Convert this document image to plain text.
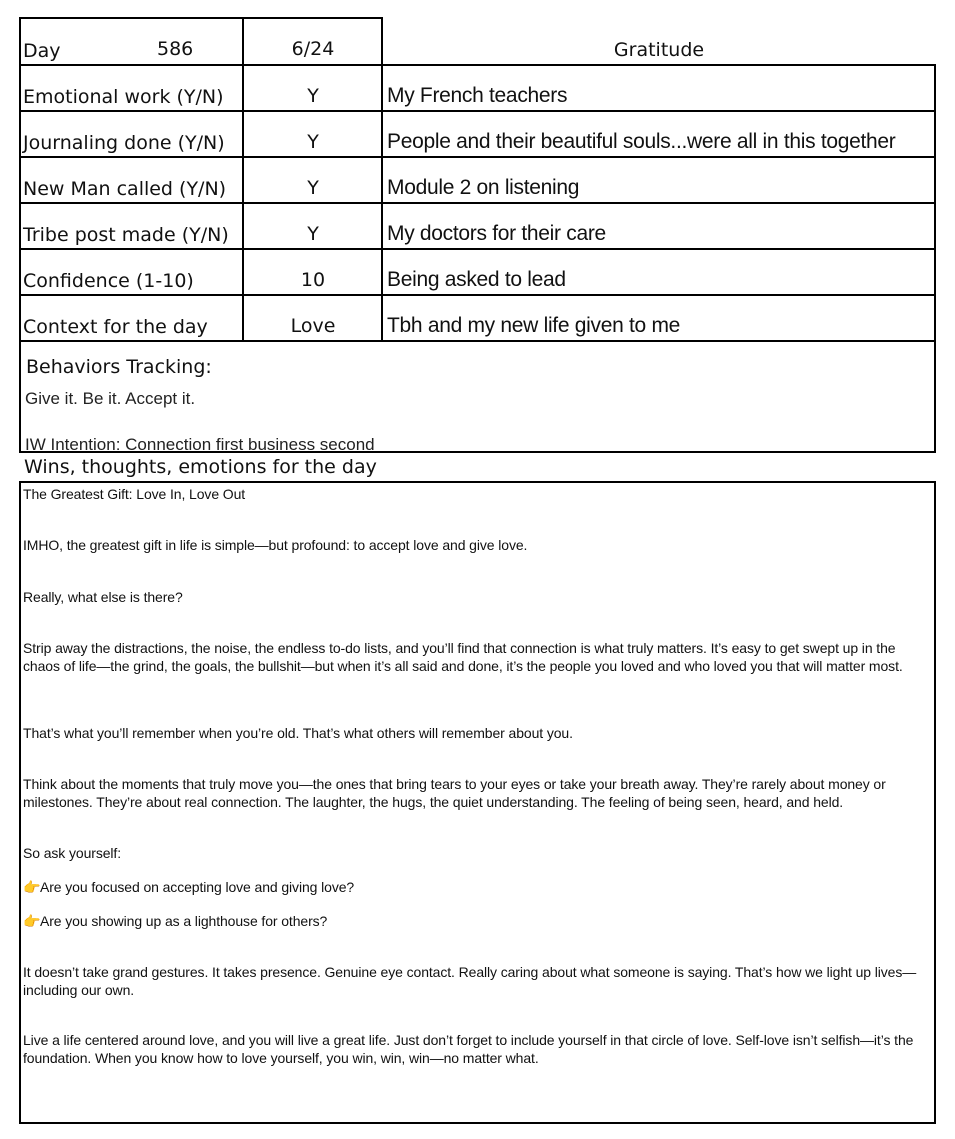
Day	586	6/24	Gratitude
Emotional work (Y/N)	Y	My French teachers
Journaling done (Y/N)	Y	People and their beautiful souls...were all in this together
New Man called (Y/N)	Y	Module 2 on listening
Tribe post made (Y/N)	Y	My doctors for their care
Confidence (1-10)	10	Being asked to lead
Context for the day	Love	Tbh and my new life given to me
Behaviors Tracking:
Give it. Be it. Accept it.
IW Intention: Connection first business second
Wins, thoughts, emotions for the day
The Greatest Gift: Love In, Love Out
IMHO, the greatest gift in life is simple—but profound: to accept love and give love.
Really, what else is there?
Strip away the distractions, the noise, the endless to-do lists, and you’ll find that connection is what truly matters. It’s easy to get swept up in the chaos of life—the grind, the goals, the bullshit—but when it’s all said and done, it’s the people you loved and who loved you that will matter most.
That’s what you’ll remember when you’re old. That’s what others will remember about you.
Think about the moments that truly move you—the ones that bring tears to your eyes or take your breath away. They’re rarely about money or milestones. They’re about real connection. The laughter, the hugs, the quiet understanding. The feeling of being seen, heard, and held.
So ask yourself:
👉Are you focused on accepting love and giving love?
👉Are you showing up as a lighthouse for others?
It doesn’t take grand gestures. It takes presence. Genuine eye contact. Really caring about what someone is saying. That’s how we light up lives—including our own.
Live a life centered around love, and you will live a great life. Just don’t forget to include yourself in that circle of love. Self-love isn’t selfish—it’s the foundation. When you know how to love yourself, you win, win, win—no matter what.
